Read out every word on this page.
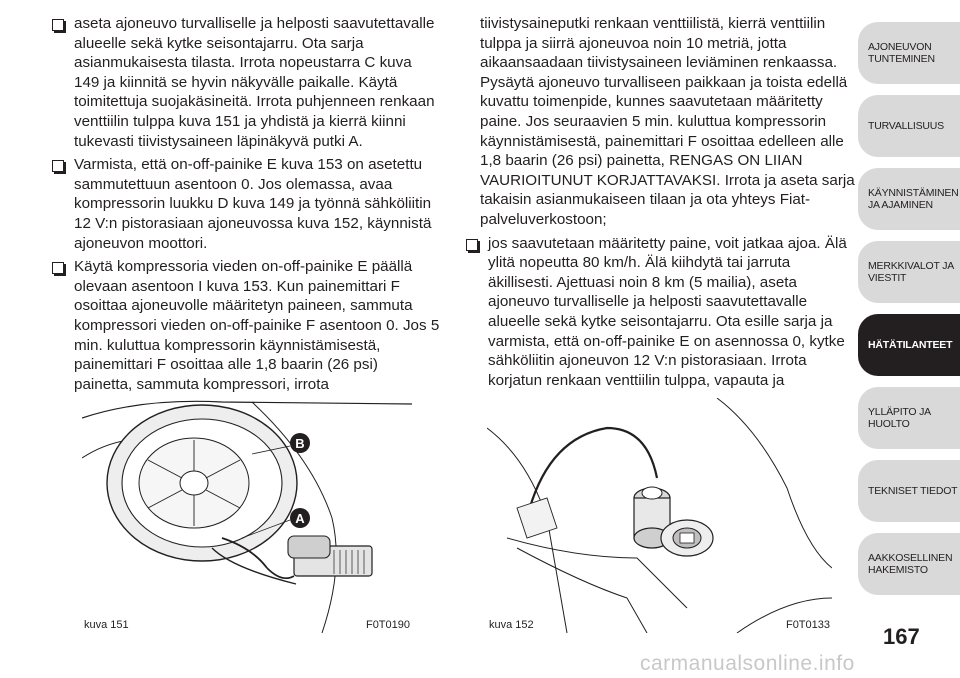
aseta ajoneuvo turvalliselle ja helposti saavutettavalle alueelle sekä kytke seisontajarru. Ota sarja asianmukaisesta tilasta. Irrota nopeustarra C kuva 149 ja kiinnitä se hyvin näkyvälle paikalle. Käytä toimitettuja suojakäsineitä. Irrota puhjenneen renkaan venttiilin tulppa kuva 151 ja yhdistä ja kierrä kiinni tukevasti tiivistysaineen läpinäkyvä putki A.

Varmista, että on-off-painike E kuva 153 on asetettu sammutettuun asentoon 0. Jos olemassa, avaa kompressorin luukku D kuva 149 ja työnnä sähköliitin 12 V:n pistorasiaan ajoneuvossa kuva 152, käynnistä ajoneuvon moottori.

Käytä kompressoria vieden on-off-painike E päällä olevaan asentoon I kuva 153. Kun painemittari F osoittaa ajoneuvolle määritetyn paineen, sammuta kompressori vieden on-off-painike F asentoon 0. Jos 5 min. kuluttua kompressorin käynnistämisestä, painemittari F osoittaa alle 1,8 baarin (26 psi) painetta, sammuta kompressori, irrota

tiivistysaineputki renkaan venttiilistä, kierrä venttiilin tulppa ja siirrä ajoneuvoa noin 10 metriä, jotta aikaansaadaan tiivistysaineen leviäminen renkaassa. Pysäytä ajoneuvo turvalliseen paikkaan ja toista edellä kuvattu toimenpide, kunnes saavutetaan määritetty paine. Jos seuraavien 5 min. kuluttua kompressorin käynnistämisestä, painemittari F osoittaa edelleen alle 1,8 baarin (26 psi) painetta, RENGAS ON LIIAN VAURIOITUNUT KORJATTAVAKSI. Irrota ja aseta sarja takaisin asianmukaiseen tilaan ja ota yhteys Fiat-palveluverkostoon;

jos saavutetaan määritetty paine, voit jatkaa ajoa. Älä ylitä nopeutta 80 km/h. Älä kiihdytä tai jarruta äkillisesti. Ajettuasi noin 8 km (5 mailia), aseta ajoneuvo turvalliselle ja helposti saavutettavalle alueelle sekä kytke seisontajarru. Ota esille sarja ja varmista, että on-off-painike E on asennossa 0, kytke sähköliitin ajoneuvon 12 V:n pistorasiaan. Irrota korjatun renkaan venttiilin tulppa, vapauta ja

B
A
kuva 151	F0T0190	kuva 152	F0T0133
AJONEUVON TUNTEMINEN
TURVALLISUUS
KÄYNNISTÄMINEN JA AJAMINEN
MERKKIVALOT JA VIESTIT
HÄTÄTILANTEET
YLLÄPITO JA HUOLTO
TEKNISET TIEDOT
AAKKOSELLINEN HAKEMISTO
167
carmanualsonline.info
